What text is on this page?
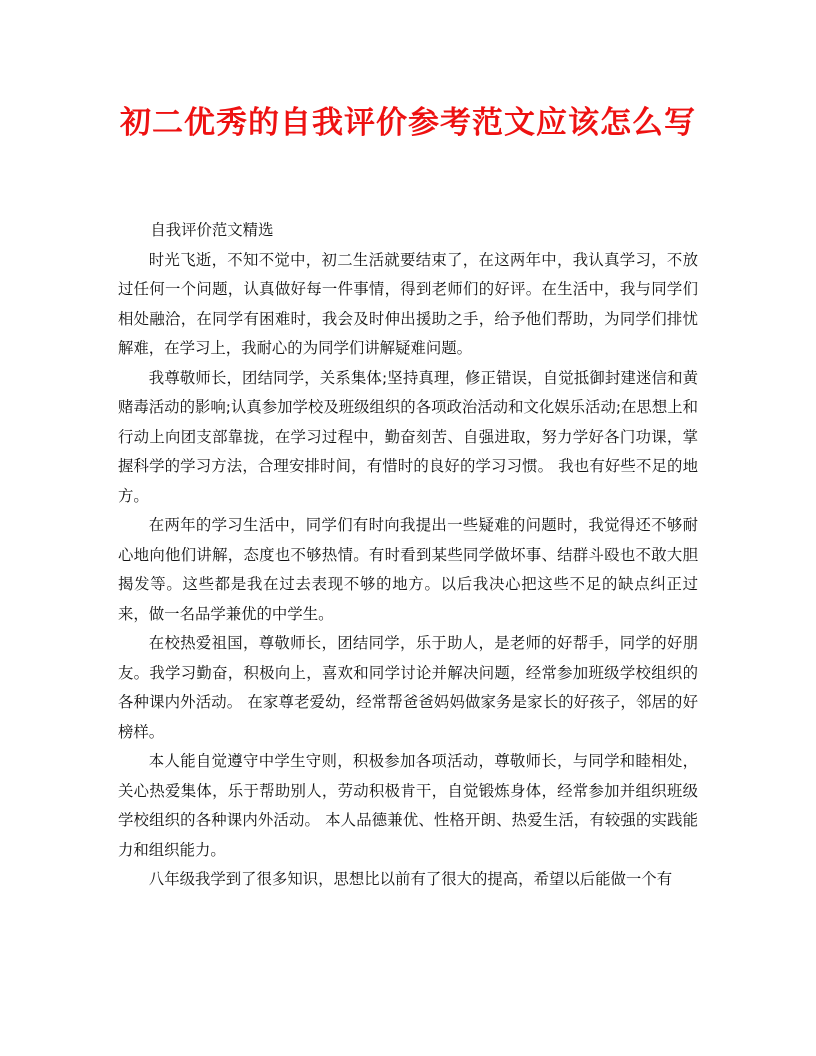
初二优秀的自我评价参考范文应该怎么写

自我评价范文精选

时光飞逝，不知不觉中，初二生活就要结束了，在这两年中，我认真学习，不放过任何一个问题，认真做好每一件事情，得到老师们的好评。在生活中，我与同学们相处融洽，在同学有困难时，我会及时伸出援助之手，给予他们帮助，为同学们排忧解难，在学习上，我耐心的为同学们讲解疑难问题。

我尊敬师长，团结同学，关系集体;坚持真理，修正错误，自觉抵御封建迷信和黄赌毒活动的影响;认真参加学校及班级组织的各项政治活动和文化娱乐活动;在思想上和行动上向团支部靠拢，在学习过程中，勤奋刻苦、自强进取，努力学好各门功课，掌握科学的学习方法，合理安排时间，有惜时的良好的学习习惯。 我也有好些不足的地方。

在两年的学习生活中，同学们有时向我提出一些疑难的问题时，我觉得还不够耐心地向他们讲解，态度也不够热情。有时看到某些同学做坏事、结群斗殴也不敢大胆揭发等。这些都是我在过去表现不够的地方。以后我决心把这些不足的缺点纠正过来，做一名品学兼优的中学生。

在校热爱祖国，尊敬师长，团结同学，乐于助人，是老师的好帮手，同学的好朋友。我学习勤奋，积极向上，喜欢和同学讨论并解决问题，经常参加班级学校组织的各种课内外活动。 在家尊老爱幼，经常帮爸爸妈妈做家务是家长的好孩子，邻居的好榜样。

本人能自觉遵守中学生守则，积极参加各项活动，尊敬师长，与同学和睦相处，关心热爱集体，乐于帮助别人，劳动积极肯干，自觉锻炼身体，经常参加并组织班级学校组织的各种课内外活动。 本人品德兼优、性格开朗、热爱生活，有较强的实践能力和组织能力。

八年级我学到了很多知识，思想比以前有了很大的提高，希望以后能做一个有
